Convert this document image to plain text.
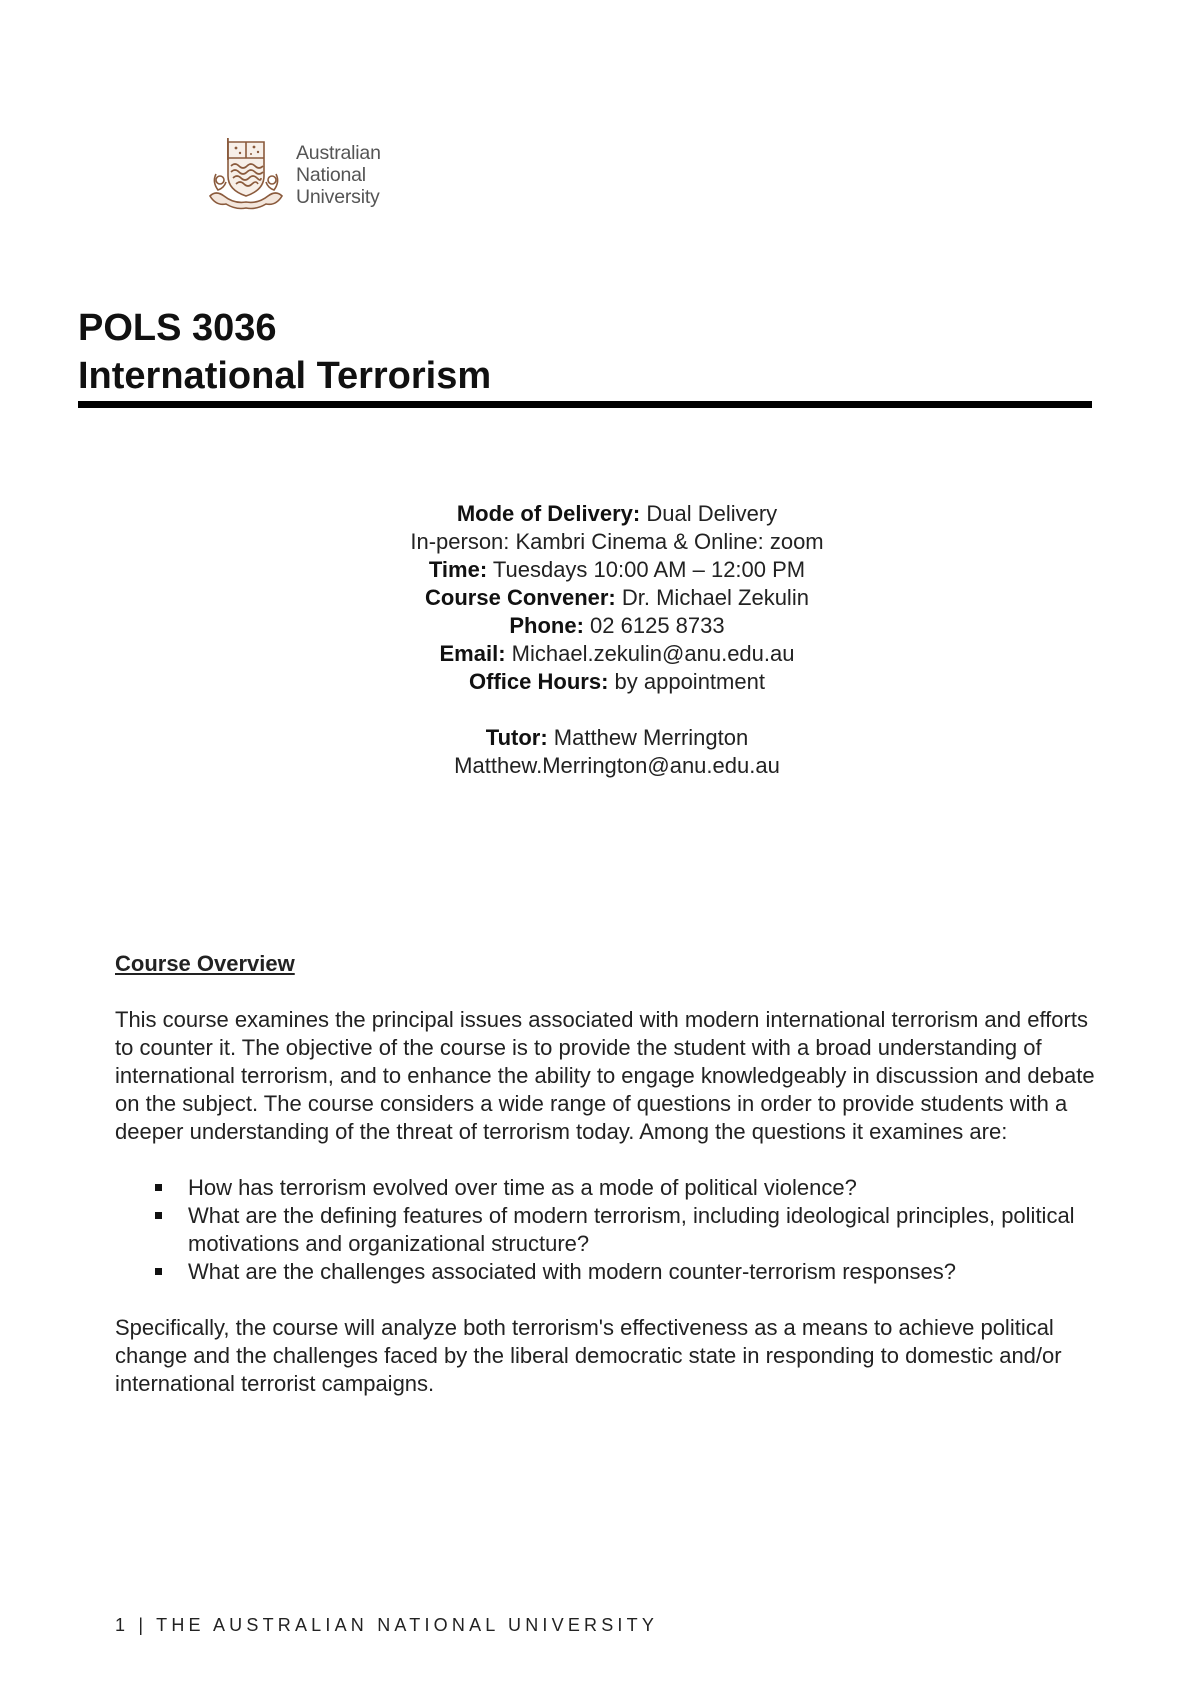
Australian
National
University
POLS 3036
International Terrorism
Mode of Delivery: Dual Delivery
In-person: Kambri Cinema & Online: zoom
Time: Tuesdays 10:00 AM – 12:00 PM
Course Convener: Dr. Michael Zekulin
Phone: 02 6125 8733
Email: Michael.zekulin@anu.edu.au
Office Hours: by appointment
Tutor: Matthew Merrington
Matthew.Merrington@anu.edu.au
Course Overview

This course examines the principal issues associated with modern international terrorism and efforts to counter it. The objective of the course is to provide the student with a broad understanding of international terrorism, and to enhance the ability to engage knowledgeably in discussion and debate on the subject. The course considers a wide range of questions in order to provide students with a deeper understanding of the threat of terrorism today. Among the questions it examines are:

How has terrorism evolved over time as a mode of political violence?
What are the defining features of modern terrorism, including ideological principles, political motivations and organizational structure?
What are the challenges associated with modern counter-terrorism responses?

Specifically, the course will analyze both terrorism's effectiveness as a means to achieve political change and the challenges faced by the liberal democratic state in responding to domestic and/or international terrorist campaigns.

1 | THE AUSTRALIAN NATIONAL UNIVERSITY
